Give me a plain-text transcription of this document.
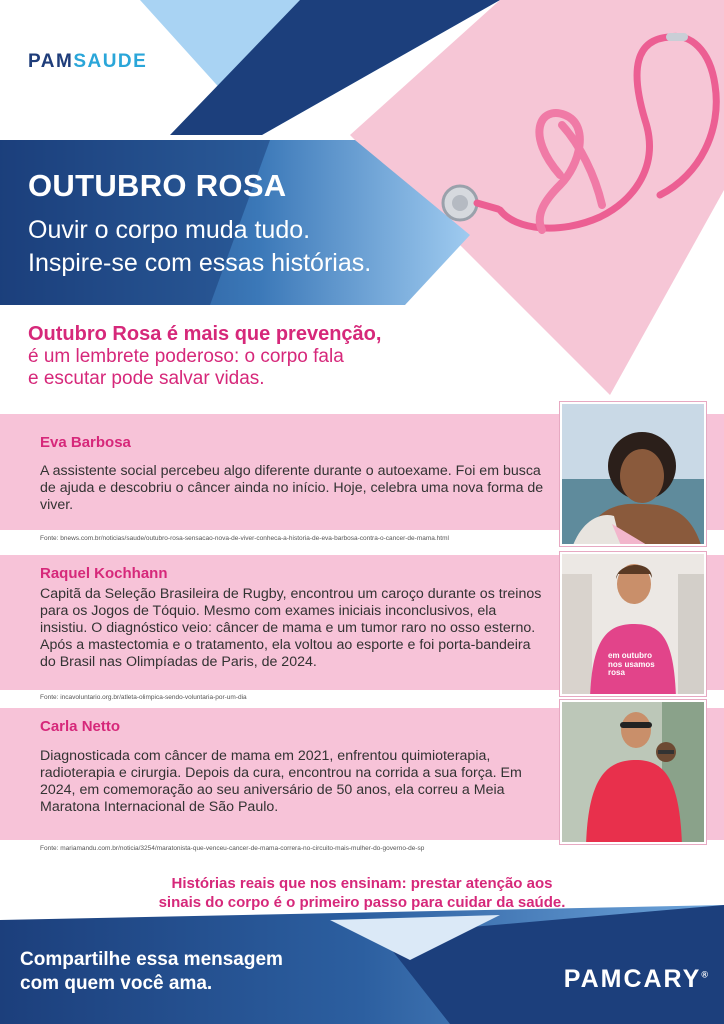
PAMSAUDE
OUTUBRO ROSA
Ouvir o corpo muda tudo.
Inspire-se com essas histórias.
Outubro Rosa é mais que prevenção,
é um lembrete poderoso: o corpo fala
e escutar pode salvar vidas.
Eva Barbosa
A assistente social percebeu algo diferente durante o autoexame. Foi em busca de ajuda e descobriu o câncer ainda no início. Hoje, celebra uma nova forma de viver.
Fonte: bnews.com.br/noticias/saude/outubro-rosa-sensacao-nova-de-viver-conheca-a-historia-de-eva-barbosa-contra-o-cancer-de-mama.html
Raquel Kochhann
Capitã da Seleção Brasileira de Rugby, encontrou um caroço durante os treinos para os Jogos de Tóquio. Mesmo com exames iniciais inconclusivos, ela insistiu. O diagnóstico veio: câncer de mama e um tumor raro no osso esterno. Após a mastectomia e o tratamento, ela voltou ao esporte e foi porta-bandeira do Brasil nas Olimpíadas de Paris, de 2024.
Fonte: incavoluntario.org.br/atleta-olimpica-sendo-voluntaria-por-um-dia
em outubro nos usamos rosa
Carla Netto
Diagnosticada com câncer de mama em 2021, enfrentou quimioterapia, radioterapia e cirurgia. Depois da cura, encontrou na corrida a sua força. Em 2024, em comemoração ao seu aniversário de 50 anos, ela correu a Meia Maratona Internacional de São Paulo.
Fonte: mariamandu.com.br/noticia/3254/maratonista-que-venceu-cancer-de-mama-correra-no-circuito-mais-mulher-do-governo-de-sp
Histórias reais que nos ensinam: prestar atenção aos
sinais do corpo é o primeiro passo para cuidar da saúde.
Compartilhe essa mensagem
com quem você ama.	PAMCARY®
